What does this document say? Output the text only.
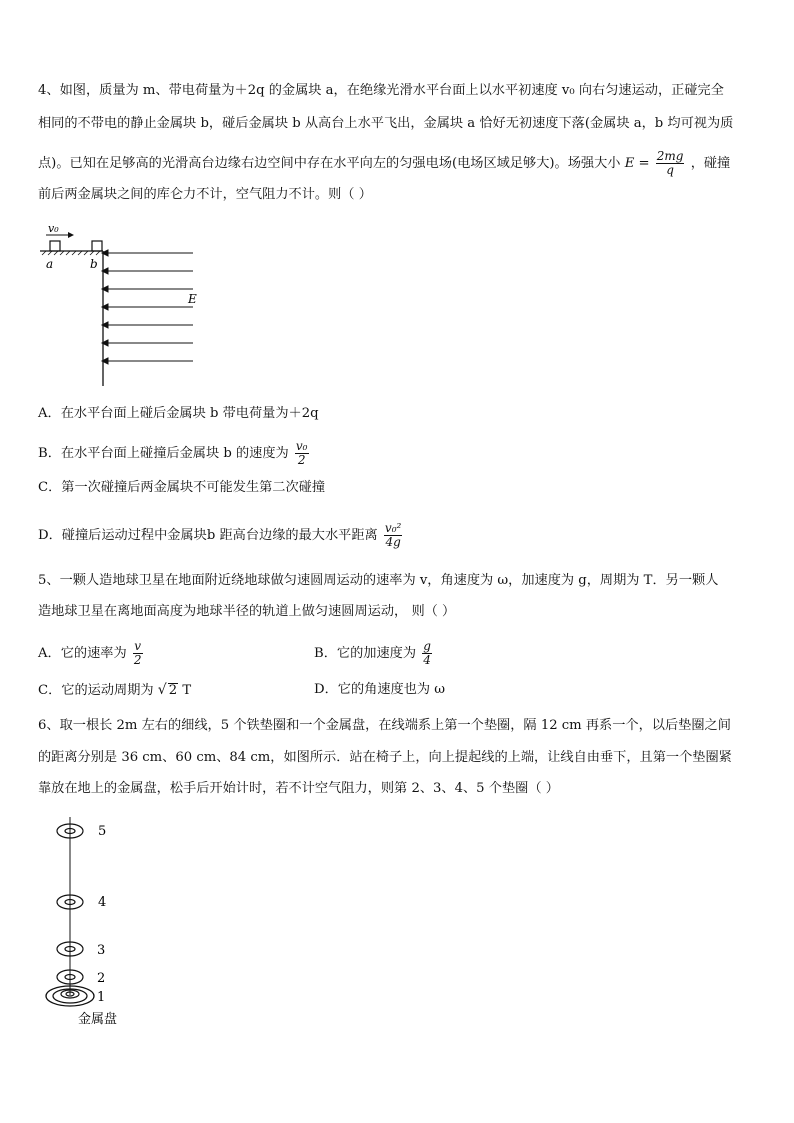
4、如图，质量为 m、带电荷量为＋2q 的金属块 a，在绝缘光滑水平台面上以水平初速度 v₀ 向右匀速运动，正碰完全
相同的不带电的静止金属块 b，碰后金属块 b 从高台上水平飞出，金属块 a 恰好无初速度下落(金属块 a，b 均可视为质
点)。已知在足够高的光滑高台边缘右边空间中存在水平向左的匀强电场(电场区域足够大)。场强大小 $E = \frac{2mg}{q}$ ，碰撞
前后两金属块之间的库仑力不计，空气阻力不计。则（ ）
v₀
a	b
E
A．在水平台面上碰后金属块 b 带电荷量为＋2q
B．在水平台面上碰撞后金属块 b 的速度为 $\frac{\text{v₀}}{2}$
C．第一次碰撞后两金属块不可能发生第二次碰撞
D．碰撞后运动过程中金属块b 距高台边缘的最大水平距离 $\frac{\text{v₀²}}{4g}$
5、一颗人造地球卫星在地面附近绕地球做匀速圆周运动的速率为 v，角速度为 ω，加速度为 g，周期为 T．另一颗人
造地球卫星在离地面高度为地球半径的轨道上做匀速圆周运动， 则（ ）
A．它的速率为 $\frac{v}{2}$	B．它的加速度为 $\frac{g}{4}$
C．它的运动周期为 √ 2 T	D．它的角速度也为 ω
6、取一根长 2m 左右的细线，5 个铁垫圈和一个金属盘，在线端系上第一个垫圈，隔 12 cm 再系一个，以后垫圈之间
的距离分别是 36 cm、60 cm、84 cm，如图所示．站在椅子上，向上提起线的上端，让线自由垂下，且第一个垫圈紧
靠放在地上的金属盘，松手后开始计时，若不计空气阻力，则第 2、3、4、5 个垫圈（ ）
5
4
3
2
1
金属盘
